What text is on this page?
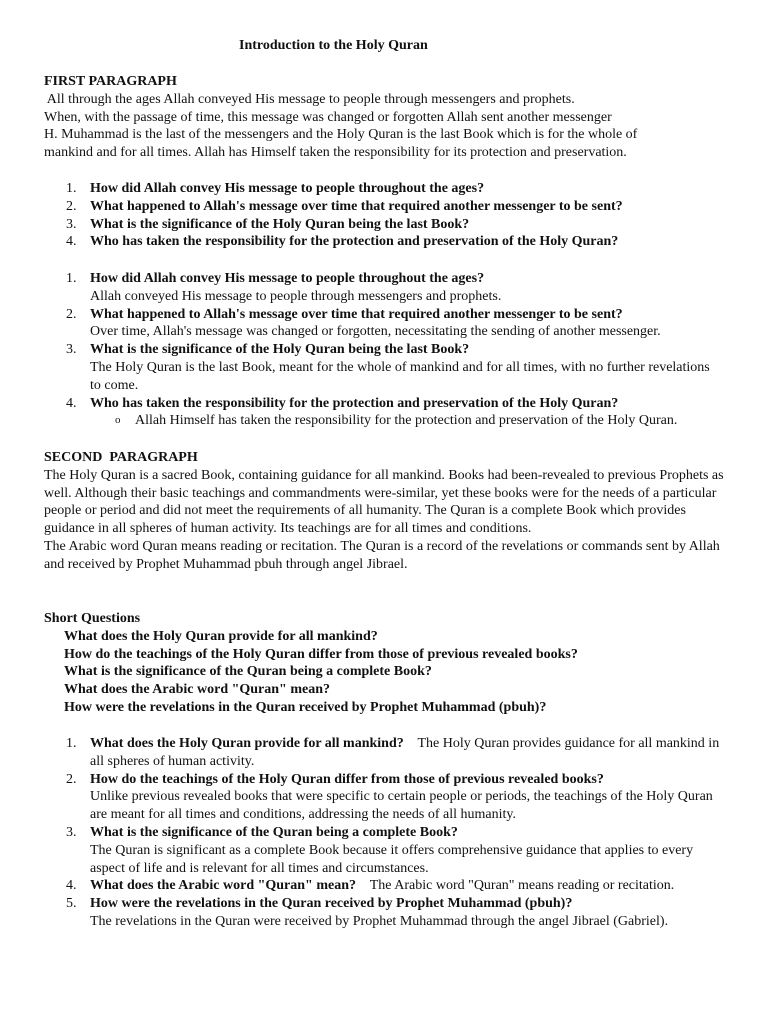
Introduction to the Holy Quran
FIRST PARAGRAPH

All through the ages Allah conveyed His message to people through messengers and prophets.

When, with the passage of time, this message was changed or forgotten Allah sent another messenger

H. Muhammad is the last of the messengers and the Holy Quran is the last Book which is for the whole of

mankind and for all times. Allah has Himself taken the responsibility for its protection and preservation.

1. How did Allah convey His message to people throughout the ages?
2. What happened to Allah's message over time that required another messenger to be sent?
3. What is the significance of the Holy Quran being the last Book?
4. Who has taken the responsibility for the protection and preservation of the Holy Quran?
1. How did Allah convey His message to people throughout the ages?
Allah conveyed His message to people through messengers and prophets.
2. What happened to Allah's message over time that required another messenger to be sent?
Over time, Allah's message was changed or forgotten, necessitating the sending of another messenger.
3. What is the significance of the Holy Quran being the last Book?
The Holy Quran is the last Book, meant for the whole of mankind and for all times, with no further revelations to come.
4. Who has taken the responsibility for the protection and preservation of the Holy Quran?
o Allah Himself has taken the responsibility for the protection and preservation of the Holy Quran.
SECOND  PARAGRAPH

The Holy Quran is a sacred Book, containing guidance for all mankind. Books had been-revealed to previous Prophets as well. Although their basic teachings and commandments were-similar, yet these books were for the needs of a particular people or period and did not meet the requirements of all humanity. The Quran is a complete Book which provides guidance in all spheres of human activity. Its teachings are for all times and conditions.

The Arabic word Quran means reading or recitation. The Quran is a record of the revelations or commands sent by Allah and received by Prophet Muhammad pbuh through angel Jibrael.

Short Questions
What does the Holy Quran provide for all mankind?
How do the teachings of the Holy Quran differ from those of previous revealed books?
What is the significance of the Quran being a complete Book?
What does the Arabic word "Quran" mean?
How were the revelations in the Quran received by Prophet Muhammad (pbuh)?
1. What does the Holy Quran provide for all mankind? The Holy Quran provides guidance for all mankind in all spheres of human activity.
2. How do the teachings of the Holy Quran differ from those of previous revealed books?
Unlike previous revealed books that were specific to certain people or periods, the teachings of the Holy Quran are meant for all times and conditions, addressing the needs of all humanity.
3. What is the significance of the Quran being a complete Book?
The Quran is significant as a complete Book because it offers comprehensive guidance that applies to every aspect of life and is relevant for all times and circumstances.
4. What does the Arabic word "Quran" mean? The Arabic word "Quran" means reading or recitation.
5. How were the revelations in the Quran received by Prophet Muhammad (pbuh)?
The revelations in the Quran were received by Prophet Muhammad through the angel Jibrael (Gabriel).
